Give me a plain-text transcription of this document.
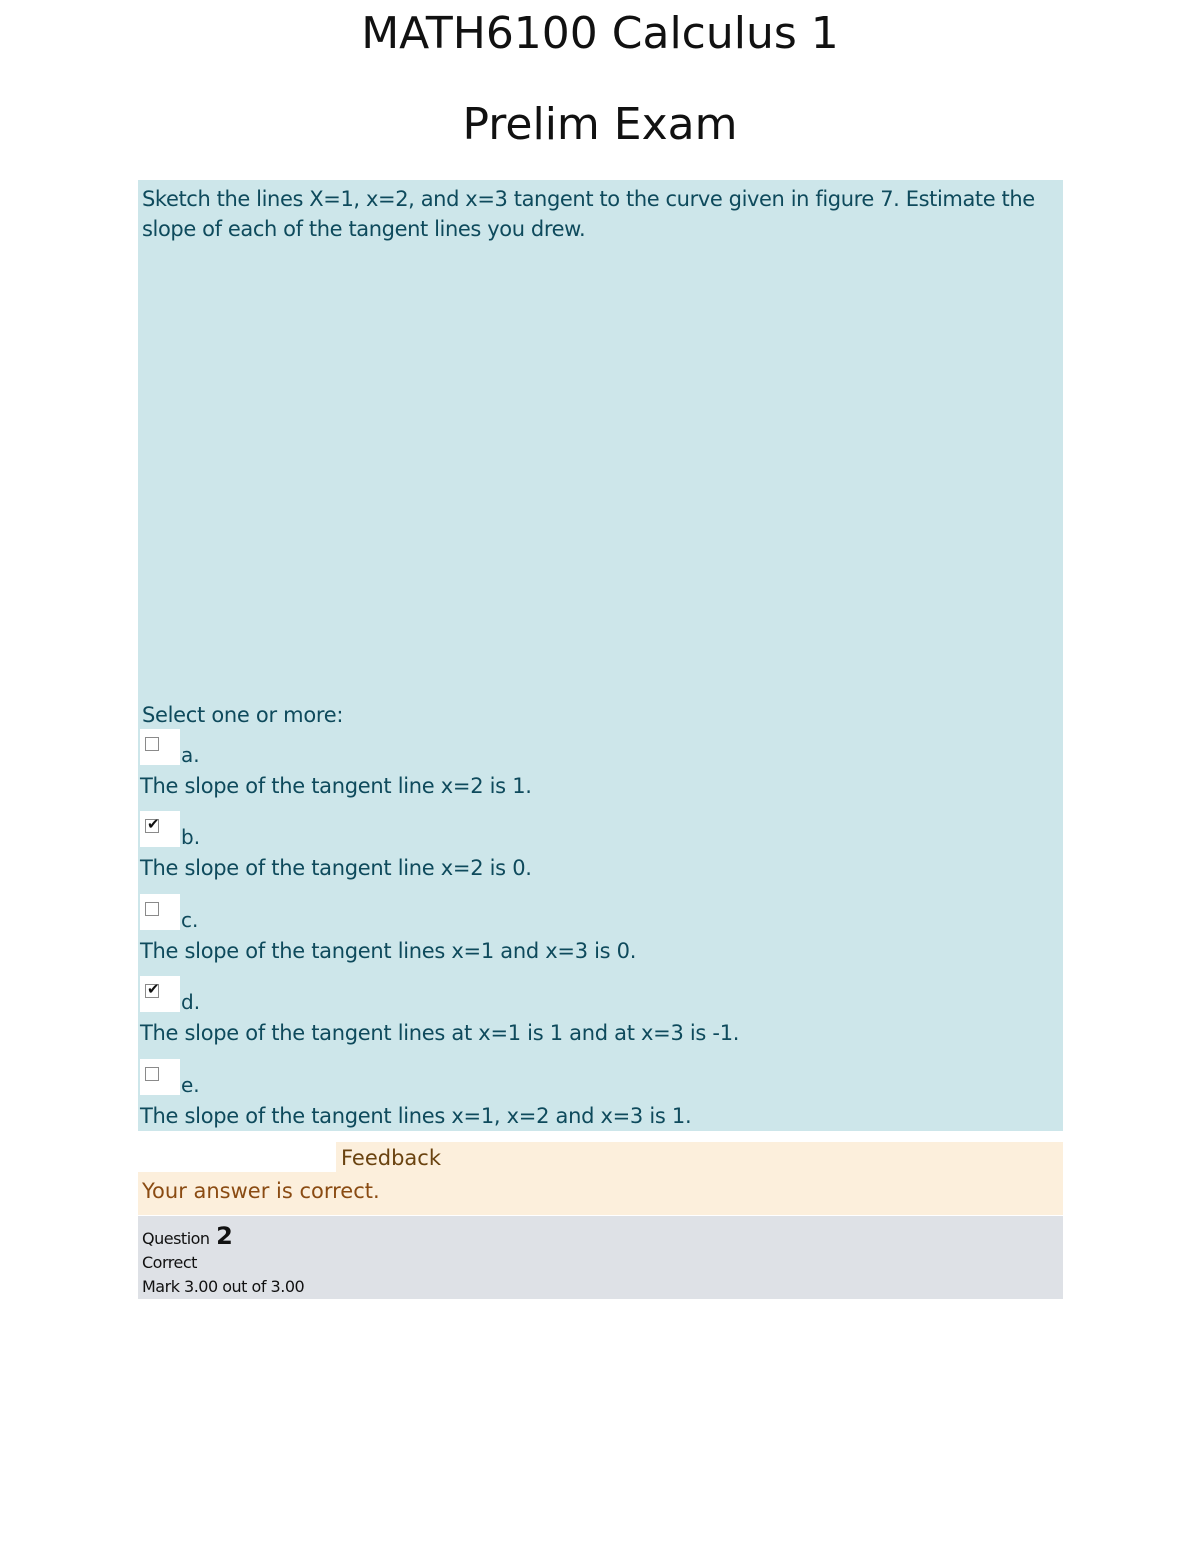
MATH6100 Calculus 1
Prelim Exam
Sketch the lines X=1, x=2, and x=3 tangent to the curve given in figure 7. Estimate the slope of each of the tangent lines you drew.
Select one or more:
a.
The slope of the tangent line x=2 is 1.
✔
b.
The slope of the tangent line x=2 is 0.
c.
The slope of the tangent lines x=1 and x=3 is 0.
✔
d.
The slope of the tangent lines at x=1 is 1 and at x=3 is -1.
e.
The slope of the tangent lines x=1, x=2 and x=3 is 1.
Feedback
Your answer is correct.
Question 2
Correct
Mark 3.00 out of 3.00
